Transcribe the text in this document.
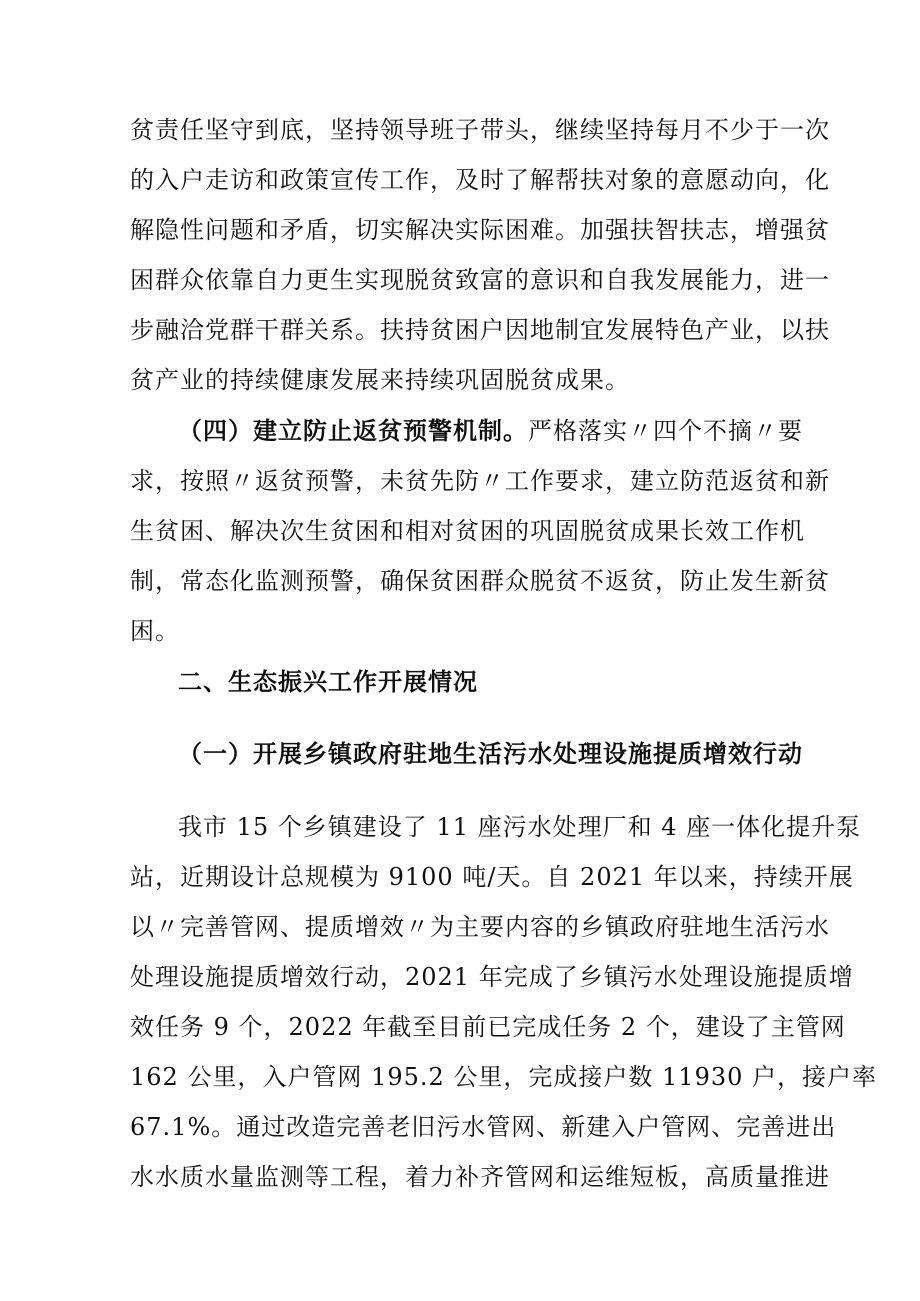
贫责任坚守到底，坚持领导班子带头，继续坚持每月不少于一次
的入户走访和政策宣传工作，及时了解帮扶对象的意愿动向，化
解隐性问题和矛盾，切实解决实际困难。加强扶智扶志，增强贫
困群众依靠自力更生实现脱贫致富的意识和自我发展能力，进一
步融洽党群干群关系。扶持贫困户因地制宜发展特色产业，以扶
贫产业的持续健康发展来持续巩固脱贫成果。
（四）建立防止返贫预警机制。 严格落实〃四个不摘〃要
求，按照〃返贫预警，未贫先防〃工作要求，建立防范返贫和新
生贫困、解决次生贫困和相对贫困的巩固脱贫成果长效工作机
制，常态化监测预警，确保贫困群众脱贫不返贫，防止发生新贫
困。
二、生态振兴工作开展情况
（一）开展乡镇政府驻地生活污水处理设施提质增效行动
我市 15 个乡镇建设了 11 座污水处理厂和 4 座一体化提升泵
站，近期设计总规模为 9100 吨/天。自 2021 年以来，持续开展
以〃完善管网、提质增效〃为主要内容的乡镇政府驻地生活污水
处理设施提质增效行动，2021 年完成了乡镇污水处理设施提质增
效任务 9 个，2022 年截至目前已完成任务 2 个，建设了主管网
162 公里，入户管网 195.2 公里，完成接户数 11930 户，接户率
67.1%。通过改造完善老旧污水管网、新建入户管网、完善进出
水水质水量监测等工程，着力补齐管网和运维短板，高质量推进
